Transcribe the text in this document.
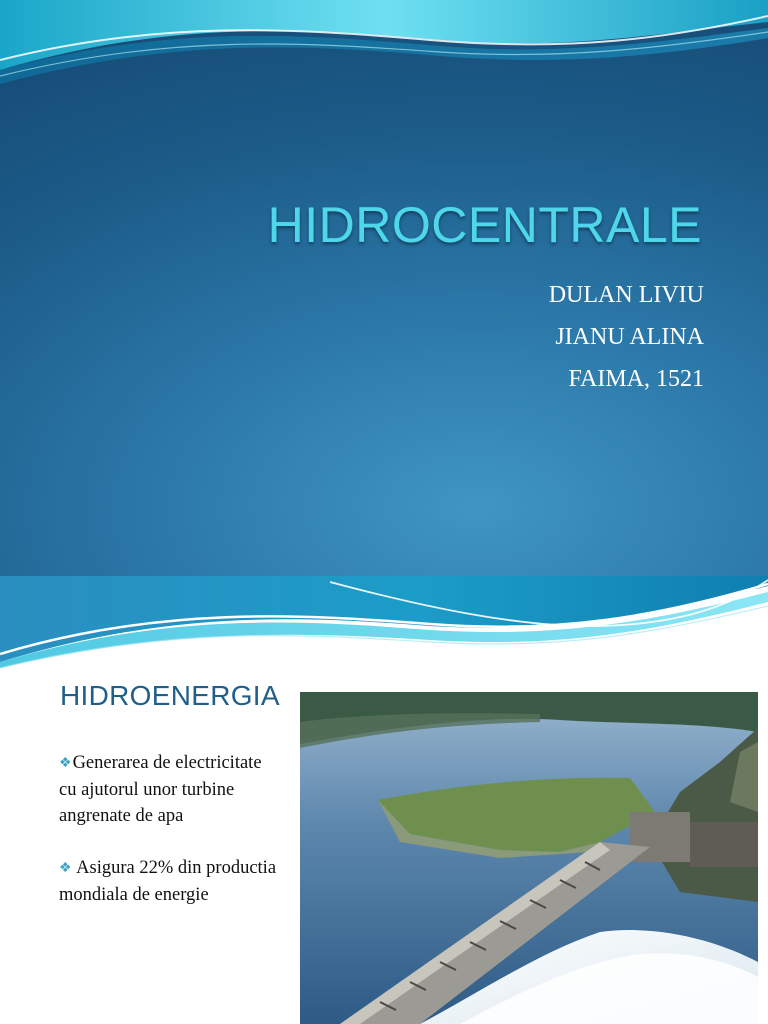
HIDROCENTRALE
DULAN LIVIU
JIANU ALINA
FAIMA, 1521
HIDROENERGIA
❖Generarea de electricitate cu ajutorul unor turbine angrenate de apa
❖ Asigura 22% din productia mondiala de energie
